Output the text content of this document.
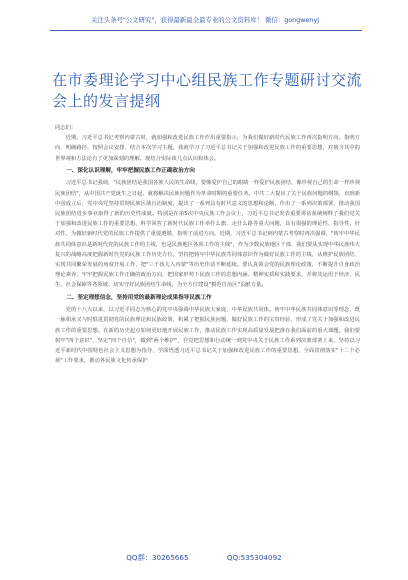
关注头条号"公文研究"，获得最新最全最专业的公文资料库！ 微信：gongwenyj
在市委理论学习中心组民族工作专题研讨交流会上的发言提纲

同志们：

近期，习近平总书记考察内蒙古时，就加强和改进民族工作作出重要指示，为我们做好新时代民族工作再次指明方向。指明方向、明确路径、按照会议安排，结合本次学习主题，我就学习了习近平总书记关于加强和改进民族工作的重要思想，对擅含其中的世界观和方法论有了更加深刻的理解。现结合实际谈几点认识和体会。

一、深化认识理解，牢牢把握民族工作正确政治方向

习近平总书记强调，"民族团结是我国各族人民的生命线，要像爱护自己的眼睛一样爱护民族团结，像珍视自己的生命一样珍视民族团结"，从中国共产党诞生之日起，就将解决民族问题作为革命时期的重要任务。中共二大提出了关于民族问题的纲领，直到新中国成立后，党中央党坚持贯彻民族区域自治制度，提出了一系列具有时代意义的思想和论断，作出了一系列决策部署，推动我国民族团结进步事业取得了新的历史性成就。特别是在第5次中央民族工作会议上，习近平总书记发表重要讲话系统阐释了我们党关于加强和改进民族工作的重要思想，科学回答了新时代民族工作举什么旗、走什么路等重大问题，具有很强的理论性、指导性、针对性，为做好新时代党的民族工作提供了重要遵循，指明了前进方向。近期，习近平总书记到内蒙古考察时再次强调，"铸牢中华民族共同体意识是新时代党的民族工作的主线，也是民族地区各项工作的主线"，作为少数民族地区干部，我们要从实现中华民族伟大复兴的战略高度把握新时代党的民族工作历史方位，坚持把铸牢中华民族共同体意识作为做好民族工作的主线，从维护民族团结、实现共同繁荣发展的角度开展工作，把"三千孩儿入内蒙"等历史佳话不断延续。要认真领会党的民族理论政策，不断提升自身政治理论素养，牢牢把握民族工作正确的政治方向，把国家形势下民族工作的思想内涵、精神实质和实践要求，并将其运用于经济、民生、社会保障等各领域，切实守好民族团结生命线，为全方位建设"模范自治区"贡献力量。

二、坚定理想信念，坚持用党的最新理论成果指导民族工作

党的十八大以来，以习近平同志为核心的党中央强调中华民族大家庭、中华民族共同体。铸牢中华民族共同体意识等理念，既一脉相承又与时俱进贯彻党的民族理论和民族政策，积累了把握民族问题、做好民族工作的宝贵经验，形成了党关于加强和改进民族工作的重要思想。在新的历史起点如何更好地开展民族工作，推动民族工作实现高质量发展把准在我们面前的重大课题。我们要树牢"四个意识"，坚定"四个自信"，做到"两个维护"，自觉把思想和行动统一到党中央关于民族工作系列决策部署上来，坚持以习近平新时代中国特色社会主义思想为指导，学深悟透习近平总书记关于加强和改进民族工作的重要思想，全面贯彻落实"十二个必须"工作要求，推动各民族文化传承保护

QQ群：30265665	QQ:535304092
